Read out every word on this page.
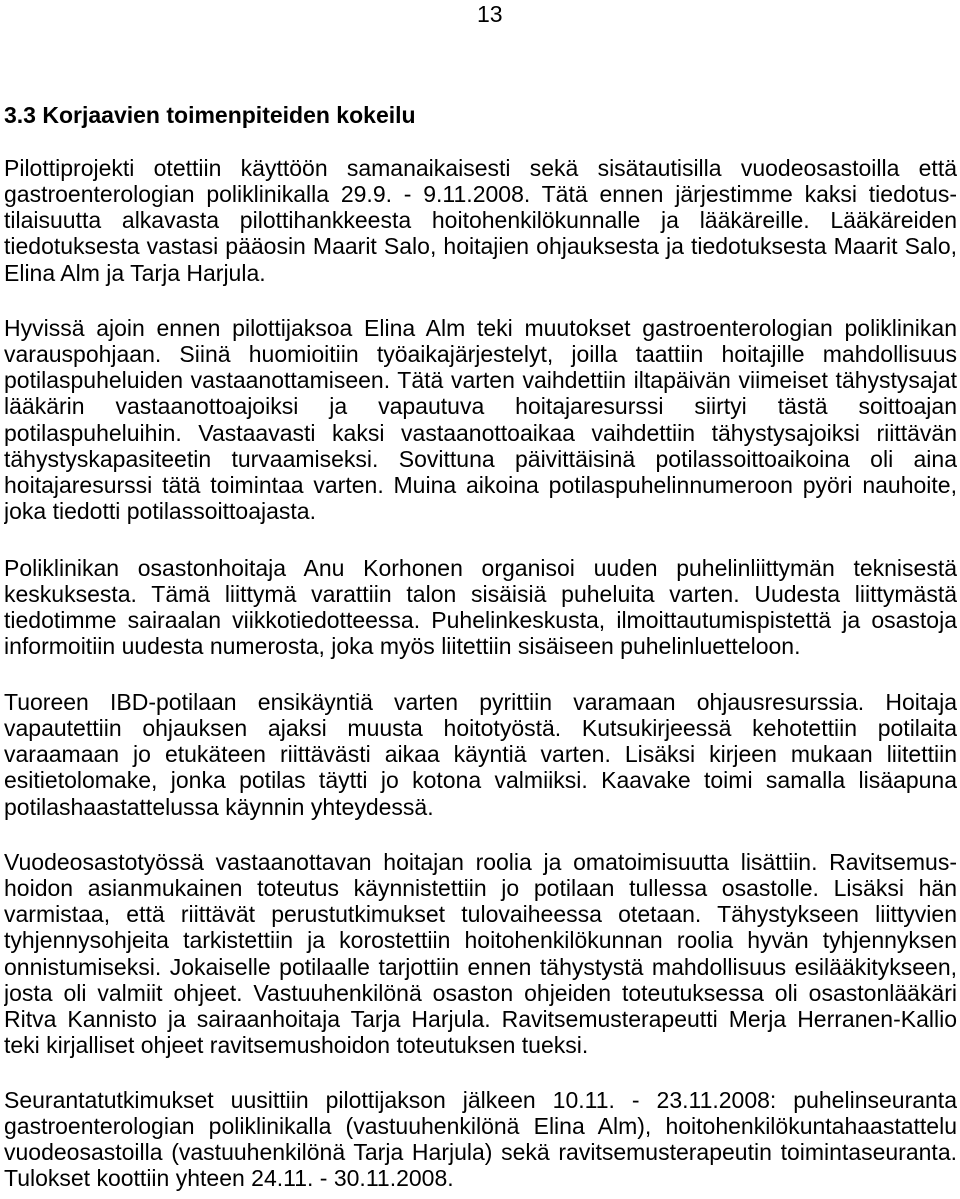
13
3.3 Korjaavien toimenpiteiden kokeilu
Pilottiprojekti otettiin käyttöön samanaikaisesti sekä sisätautisilla vuodeosastoilla että
gastroenterologian poliklinikalla 29.9. - 9.11.2008. Tätä ennen järjestimme kaksi tiedotus-
tilaisuutta alkavasta pilottihankkeesta hoitohenkilökunnalle ja lääkäreille. Lääkäreiden
tiedotuksesta vastasi pääosin Maarit Salo, hoitajien ohjauksesta ja tiedotuksesta Maarit Salo,
Elina Alm ja Tarja Harjula.
Hyvissä ajoin ennen pilottijaksoa Elina Alm teki muutokset gastroenterologian poliklinikan
varauspohjaan. Siinä huomioitiin työaikajärjestelyt, joilla taattiin hoitajille mahdollisuus
potilaspuheluiden vastaanottamiseen. Tätä varten vaihdettiin iltapäivän viimeiset tähystysajat
lääkärin vastaanottoajoiksi ja vapautuva hoitajaresurssi siirtyi tästä soittoajan
potilaspuheluihin. Vastaavasti kaksi vastaanottoaikaa vaihdettiin tähystysajoiksi riittävän
tähystyskapasiteetin turvaamiseksi. Sovittuna päivittäisinä potilassoittoaikoina oli aina
hoitajaresurssi tätä toimintaa varten. Muina aikoina potilaspuhelinnumeroon pyöri nauhoite,
joka tiedotti potilassoittoajasta.
Poliklinikan osastonhoitaja Anu Korhonen organisoi uuden puhelinliittymän teknisestä
keskuksesta. Tämä liittymä varattiin talon sisäisiä puheluita varten. Uudesta liittymästä
tiedotimme sairaalan viikkotiedotteessa. Puhelinkeskusta, ilmoittautumispistettä ja osastoja
informoitiin uudesta numerosta, joka myös liitettiin sisäiseen puhelinluetteloon.
Tuoreen IBD-potilaan ensikäyntiä varten pyrittiin varamaan ohjausresurssia. Hoitaja
vapautettiin ohjauksen ajaksi muusta hoitotyöstä. Kutsukirjeessä kehotettiin potilaita
varaamaan jo etukäteen riittävästi aikaa käyntiä varten. Lisäksi kirjeen mukaan liitettiin
esitietolomake, jonka potilas täytti jo kotona valmiiksi. Kaavake toimi samalla lisäapuna
potilashaastattelussa käynnin yhteydessä.
Vuodeosastotyössä vastaanottavan hoitajan roolia ja omatoimisuutta lisättiin. Ravitsemus-
hoidon asianmukainen toteutus käynnistettiin jo potilaan tullessa osastolle. Lisäksi hän
varmistaa, että riittävät perustutkimukset tulovaiheessa otetaan. Tähystykseen liittyvien
tyhjennysohjeita tarkistettiin ja korostettiin hoitohenkilökunnan roolia hyvän tyhjennyksen
onnistumiseksi. Jokaiselle potilaalle tarjottiin ennen tähystystä mahdollisuus esilääkitykseen,
josta oli valmiit ohjeet. Vastuuhenkilönä osaston ohjeiden toteutuksessa oli osastonlääkäri
Ritva Kannisto ja sairaanhoitaja Tarja Harjula. Ravitsemusterapeutti Merja Herranen-Kallio
teki kirjalliset ohjeet ravitsemushoidon toteutuksen tueksi.
Seurantatutkimukset uusittiin pilottijakson jälkeen 10.11. - 23.11.2008: puhelinseuranta
gastroenterologian poliklinikalla (vastuuhenkilönä Elina Alm), hoitohenkilökuntahaastattelu
vuodeosastoilla (vastuuhenkilönä Tarja Harjula) sekä ravitsemusterapeutin toimintaseuranta.
Tulokset koottiin yhteen 24.11. - 30.11.2008.
